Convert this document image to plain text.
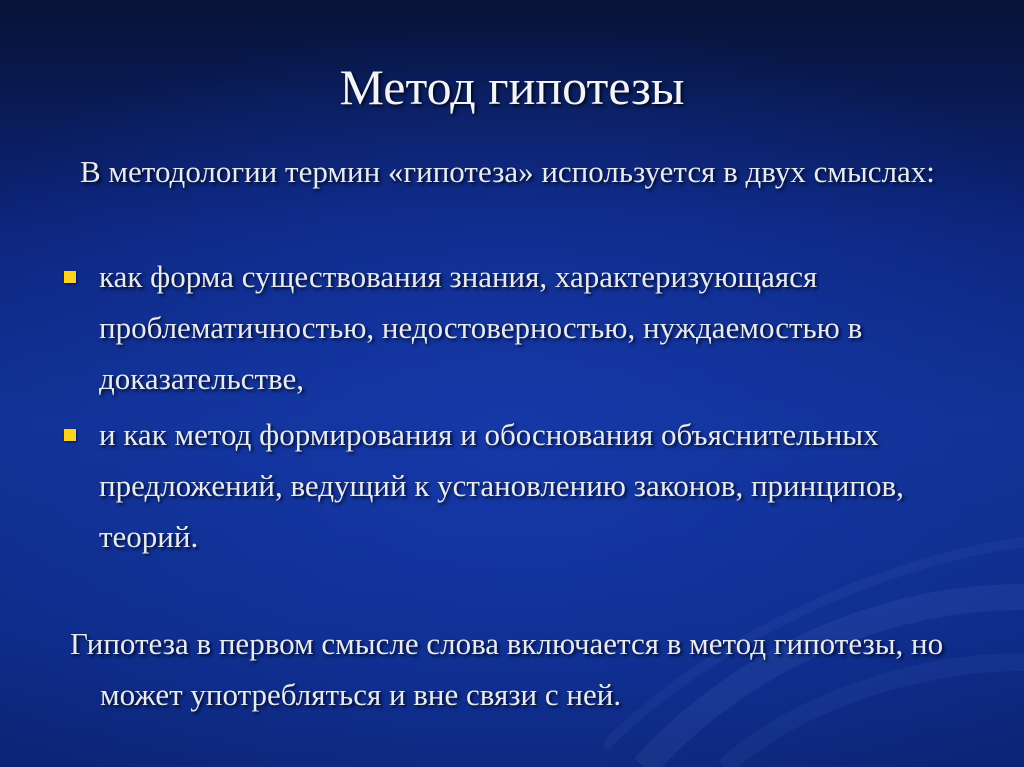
Метод гипотезы
В методологии термин «гипотеза» используется в двух смыслах:
как форма существования знания, характеризующаяся проблематичностью, недостоверностью, нуждаемостью в доказательстве,
и как метод формирования и обоснования объяснительных предложений, ведущий к установлению законов, принципов, теорий.
Гипотеза в первом смысле слова включается в метод гипотезы, но может употребляться и вне связи с ней.
